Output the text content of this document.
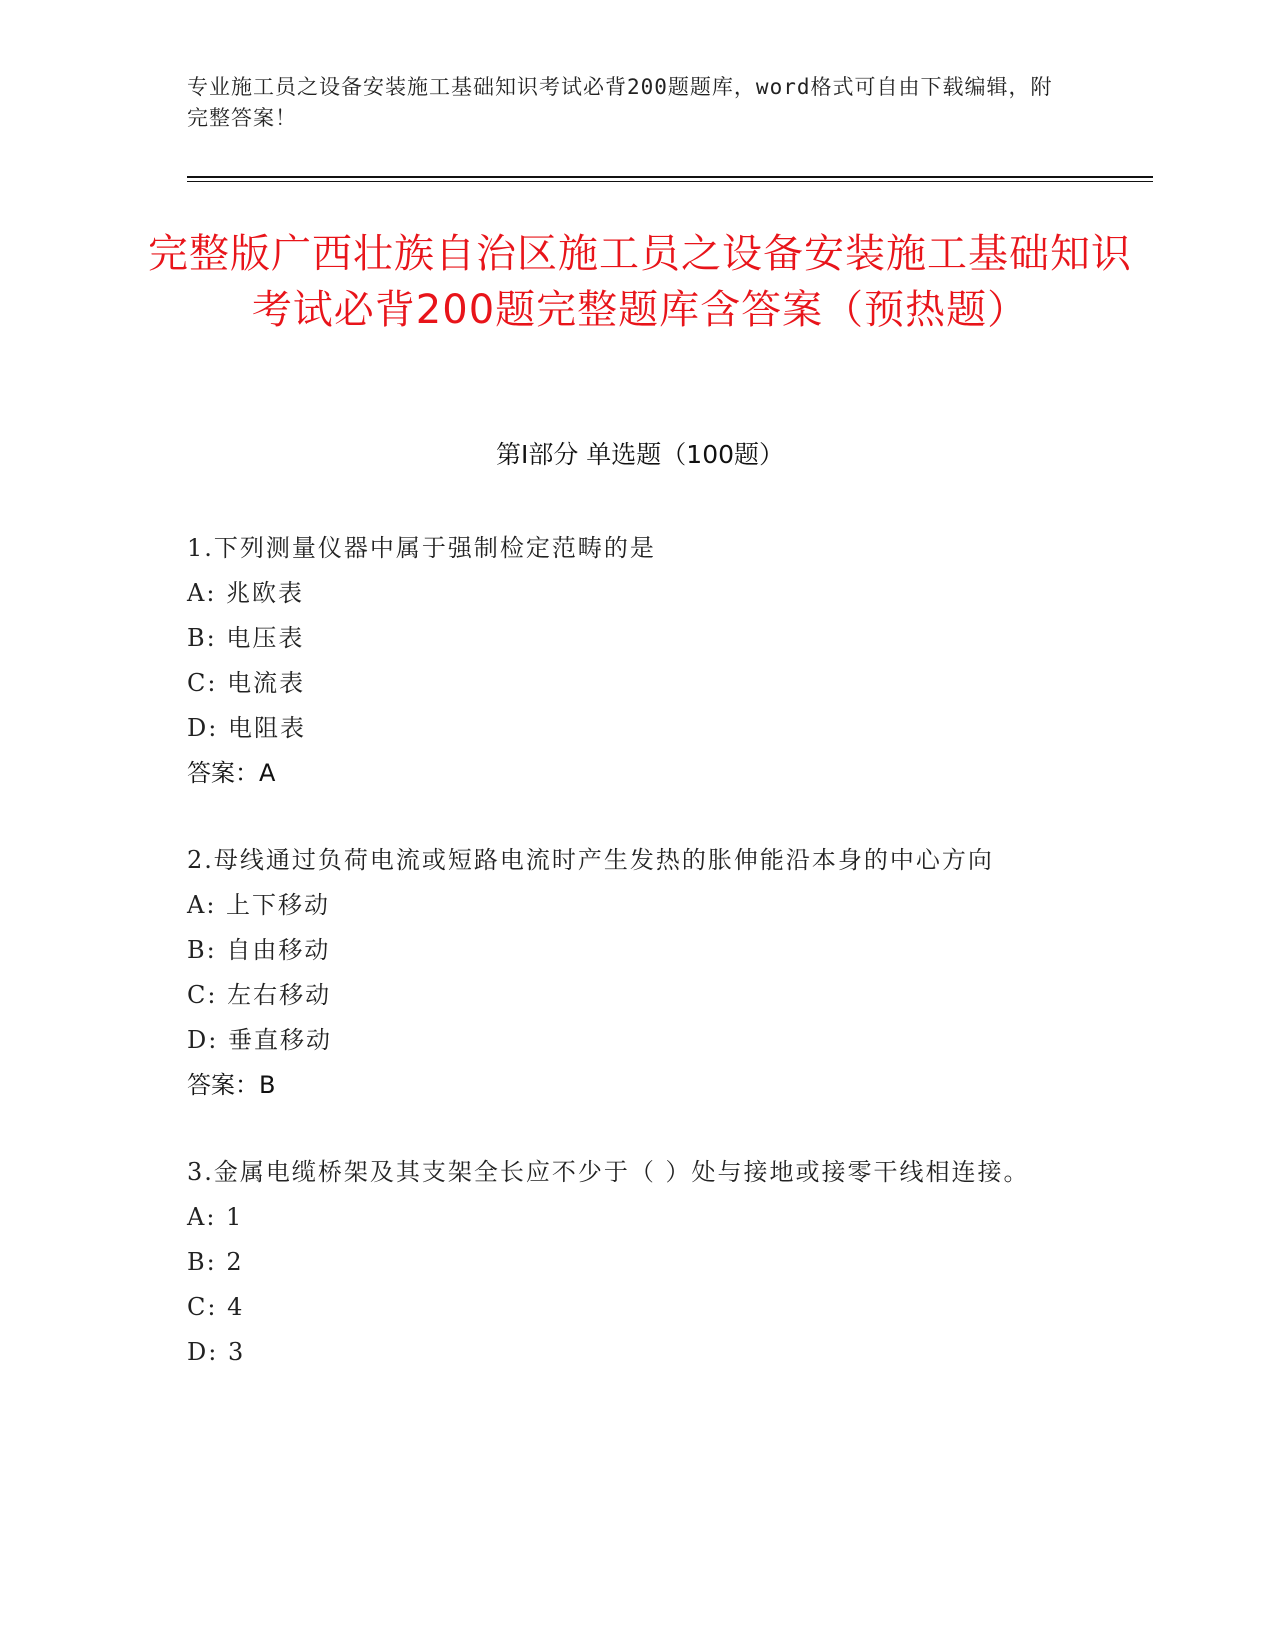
专业施工员之设备安装施工基础知识考试必背200题题库，word格式可自由下载编辑，附完整答案！
完整版广西壮族自治区施工员之设备安装施工基础知识考试必背200题完整题库含答案（预热题）
第I部分 单选题（100题）
1.下列测量仪器中属于强制检定范畴的是
A: 兆欧表
B: 电压表
C: 电流表
D: 电阻表
答案：A
2.母线通过负荷电流或短路电流时产生发热的胀伸能沿本身的中心方向
A: 上下移动
B: 自由移动
C: 左右移动
D: 垂直移动
答案：B
3.金属电缆桥架及其支架全长应不少于（ ）处与接地或接零干线相连接。
A: 1
B: 2
C: 4
D: 3
